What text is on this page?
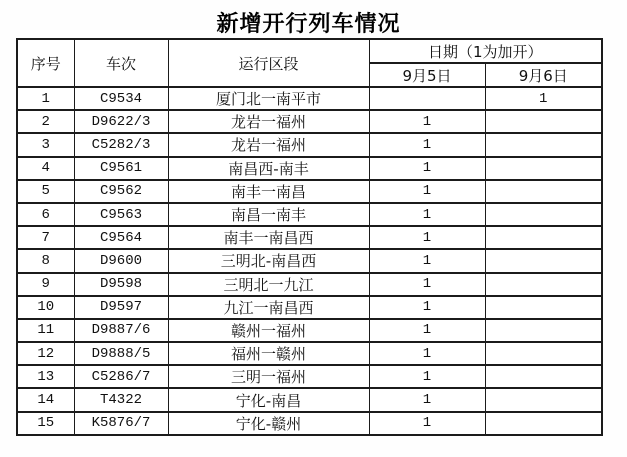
新增开行列车情况
序号	车次	运行区段	日期（1为加开）	
			9月5日	9月6日
1	C9534	厦门北一南平市		1
2	D9622/3	龙岩一福州	1	
3	C5282/3	龙岩一福州	1	
4	C9561	南昌西-南丰	1	
5	C9562	南丰一南昌	1	
6	C9563	南昌一南丰	1	
7	C9564	南丰一南昌西	1	
8	D9600	三明北-南昌西	1	
9	D9598	三明北一九江	1	
10	D9597	九江一南昌西	1	
11	D9887/6	赣州一福州	1	
12	D9888/5	福州一赣州	1	
13	C5286/7	三明一福州	1	
14	T4322	宁化-南昌	1	
15	K5876/7	宁化-赣州	1	
